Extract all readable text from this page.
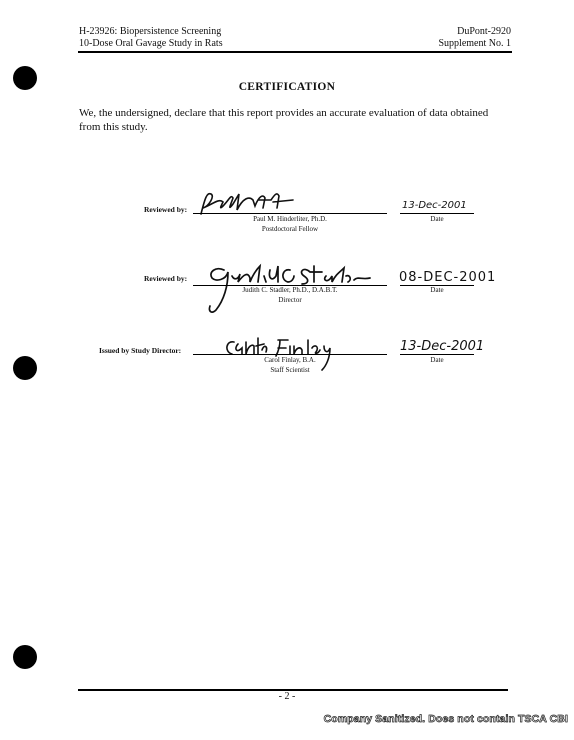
H-23926: Biopersistence Screening
10-Dose Oral Gavage Study in Rats
DuPont-2920
Supplement No. 1
CERTIFICATION
We, the undersigned, declare that this report provides an accurate evaluation of data obtained from this study.
Reviewed by:
Paul M. Hinderliter, Ph.D.
Postdoctoral Fellow
13-Dec-2001
Date
Reviewed by:
Judith C. Stadler, Ph.D., D.A.B.T.
Director
08-DEC-2001
Date
Issued by Study Director:
Carol Finlay, B.A.
Staff Scientist
13-Dec-2001
Date
- 2 -
Company Sanitized. Does not contain TSCA CBI
